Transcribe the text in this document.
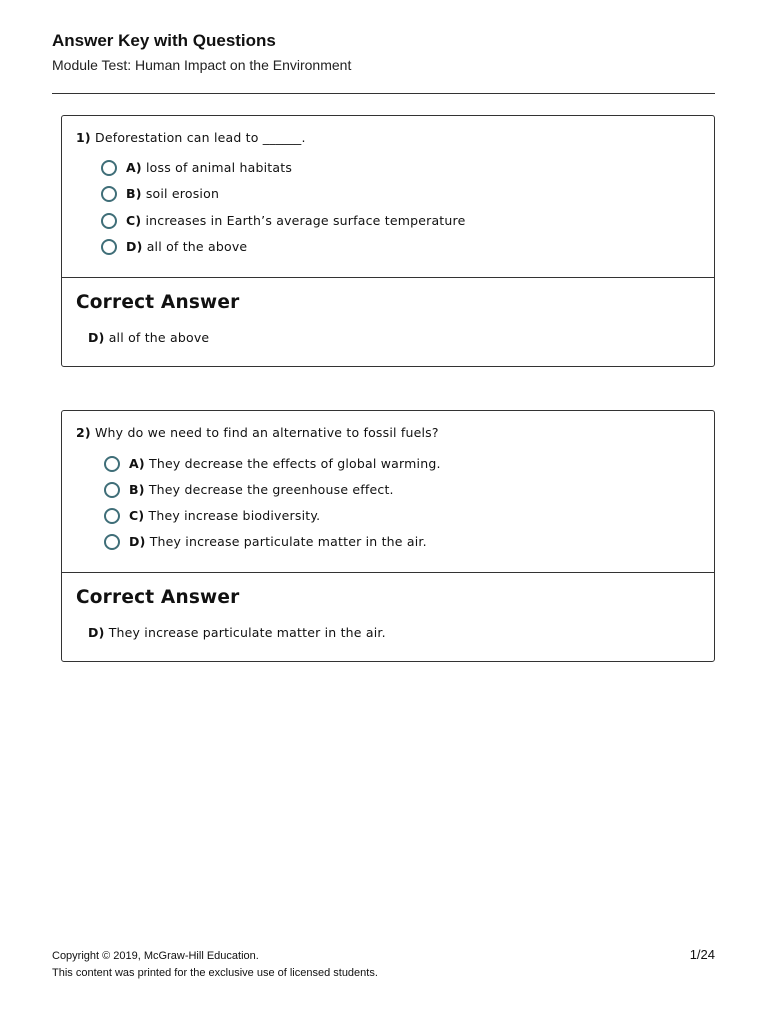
Answer Key with Questions
Module Test: Human Impact on the Environment
1) Deforestation can lead to ______.
A)
loss of animal habitats
B)
soil erosion
C)
increases in Earth’s average surface temperature
D)
all of the above
Correct Answer
D) all of the above
2) Why do we need to find an alternative to fossil fuels?
A)
They decrease the effects of global warming.
B)
They decrease the greenhouse effect.
C)
They increase biodiversity.
D)
They increase particulate matter in the air.
Correct Answer
D) They increase particulate matter in the air.
Copyright © 2019, McGraw-Hill Education.
This content was printed for the exclusive use of licensed students.
1/24
